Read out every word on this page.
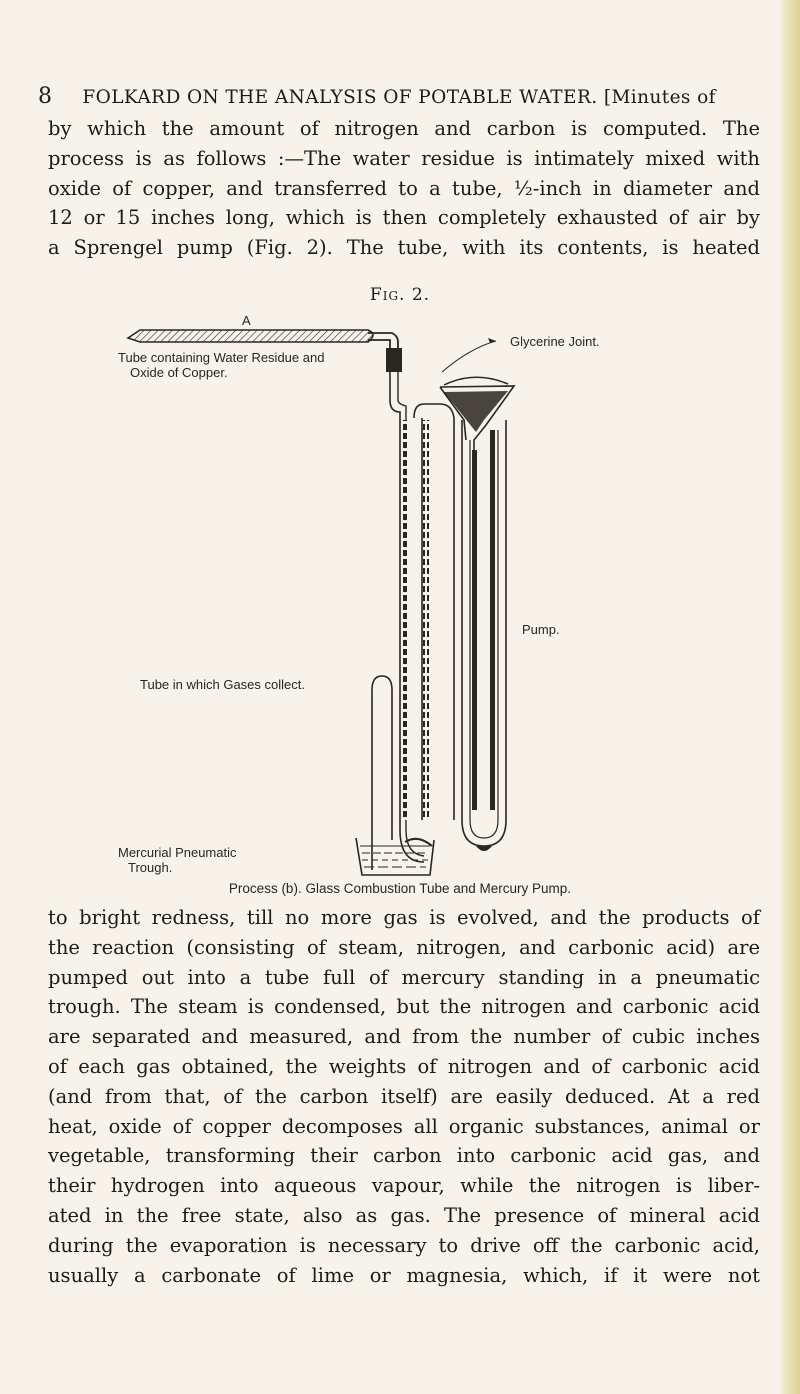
8 FOLKARD ON THE ANALYSIS OF POTABLE WATER. [Minutes of
by which the amount of nitrogen and carbon is computed. The
process is as follows :—The water residue is intimately mixed with
oxide of copper, and transferred to a tube, ½-inch in diameter and
12 or 15 inches long, which is then completely exhausted of air by
a Sprengel pump (Fig. 2). The tube, with its contents, is heated
Fig. 2.
A
Tube containing Water Residue and
Oxide of Copper.
Glycerine Joint.
Pump.
Tube in which Gases collect.
Mercurial Pneumatic
Trough.
Process (b). Glass Combustion Tube and Mercury Pump.
to bright redness, till no more gas is evolved, and the products of
the reaction (consisting of steam, nitrogen, and carbonic acid) are
pumped out into a tube full of mercury standing in a pneumatic
trough. The steam is condensed, but the nitrogen and carbonic acid
are separated and measured, and from the number of cubic inches
of each gas obtained, the weights of nitrogen and of carbonic acid
(and from that, of the carbon itself) are easily deduced. At a red
heat, oxide of copper decomposes all organic substances, animal or
vegetable, transforming their carbon into carbonic acid gas, and
their hydrogen into aqueous vapour, while the nitrogen is liber-
ated in the free state, also as gas. The presence of mineral acid
during the evaporation is necessary to drive off the carbonic acid,
usually a carbonate of lime or magnesia, which, if it were not
